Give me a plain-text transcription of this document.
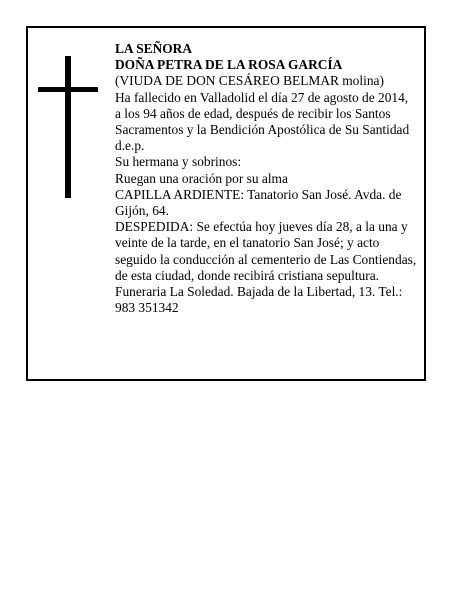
LA SEÑORA
DOÑA PETRA DE LA ROSA GARCÍA
(VIUDA DE DON CESÁREO BELMAR molina)
Ha fallecido en Valladolid el día 27 de agosto de 2014,
a los 94 años de edad, después de recibir los Santos
Sacramentos y la Bendición Apostólica de Su Santidad
d.e.p.
Su hermana y sobrinos:
Ruegan una oración por su alma
CAPILLA ARDIENTE: Tanatorio San José. Avda. de
Gijón, 64.
DESPEDIDA: Se efectúa hoy jueves día 28, a la una y
veinte de la tarde, en el tanatorio San José; y acto
seguido la conducción al cementerio de Las Contiendas,
de esta ciudad, donde recibirá cristiana sepultura.
Funeraria La Soledad. Bajada de la Libertad, 13. Tel.:
983 351342
